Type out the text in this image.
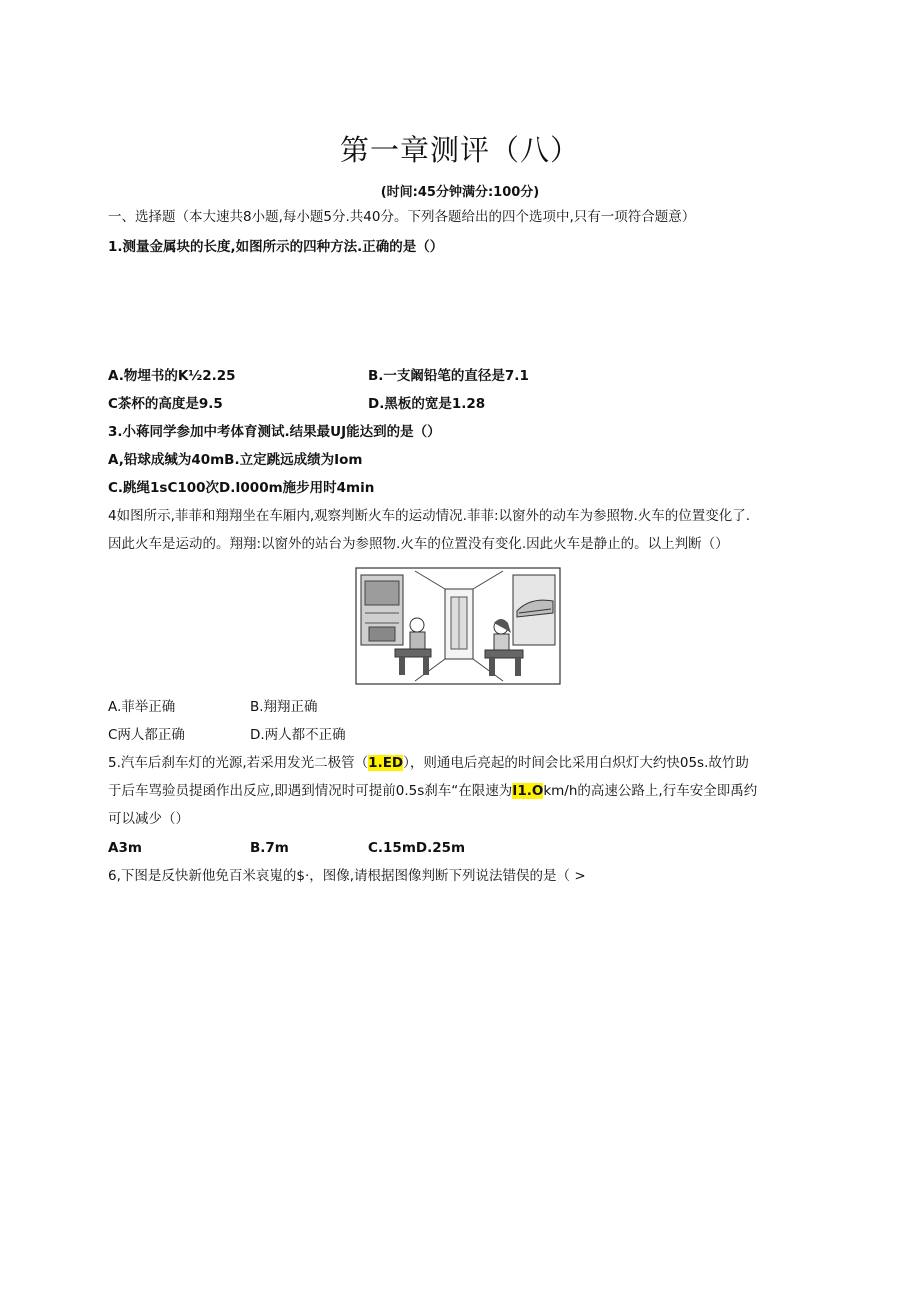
第一章测评（八）
(时间:45分钟满分:100分)
一、选择题（本大速共8小题,每小题5分.共40分。下列各题给出的四个选项中,只有一项符合题意）
1.测量金属块的长度,如图所示的四种方法.正确的是（）
A.物埋书的K½2.25	B.一支阚铅笔的直径是7.1
C茶杯的高度是9.5	D.黑板的宽是1.28
3.小蒋同学参加中考体育测试.结果最UJ能达到的是（）
A,铅球成缄为40mB.立定跳远成绩为Iom
C.跳绳1sC100次D.I000m施步用时4min
4如图所示,菲菲和翔翔坐在车厢内,观察判断火车的运动情况.菲菲:以窗外的动车为参照物.火车的位置变化了.
因此火车是运动的。翔翔:以窗外的站台为参照物.火车的位置没有变化.因此火车是静止的。以上判断（）
A.菲举正确	B.翔翔正确
C两人都正确	D.两人都不正确
5.汽车后刹车灯的光源,若采用发光二极管（1.ED），则通电后亮起的时间会比采用白炽灯大约快05s.故竹助
于后车骂验员提函作出反应,即遇到情况时可提前0.5s刹车“在限速为I1.Okm/h的高速公路上,行车安全即禹约
可以减少（）
A3m	B.7m	C.15mD.25m
6,下图是反快新他免百米哀嵬的$·，图像,请根据图像判断下列说法错俣的是（ >
